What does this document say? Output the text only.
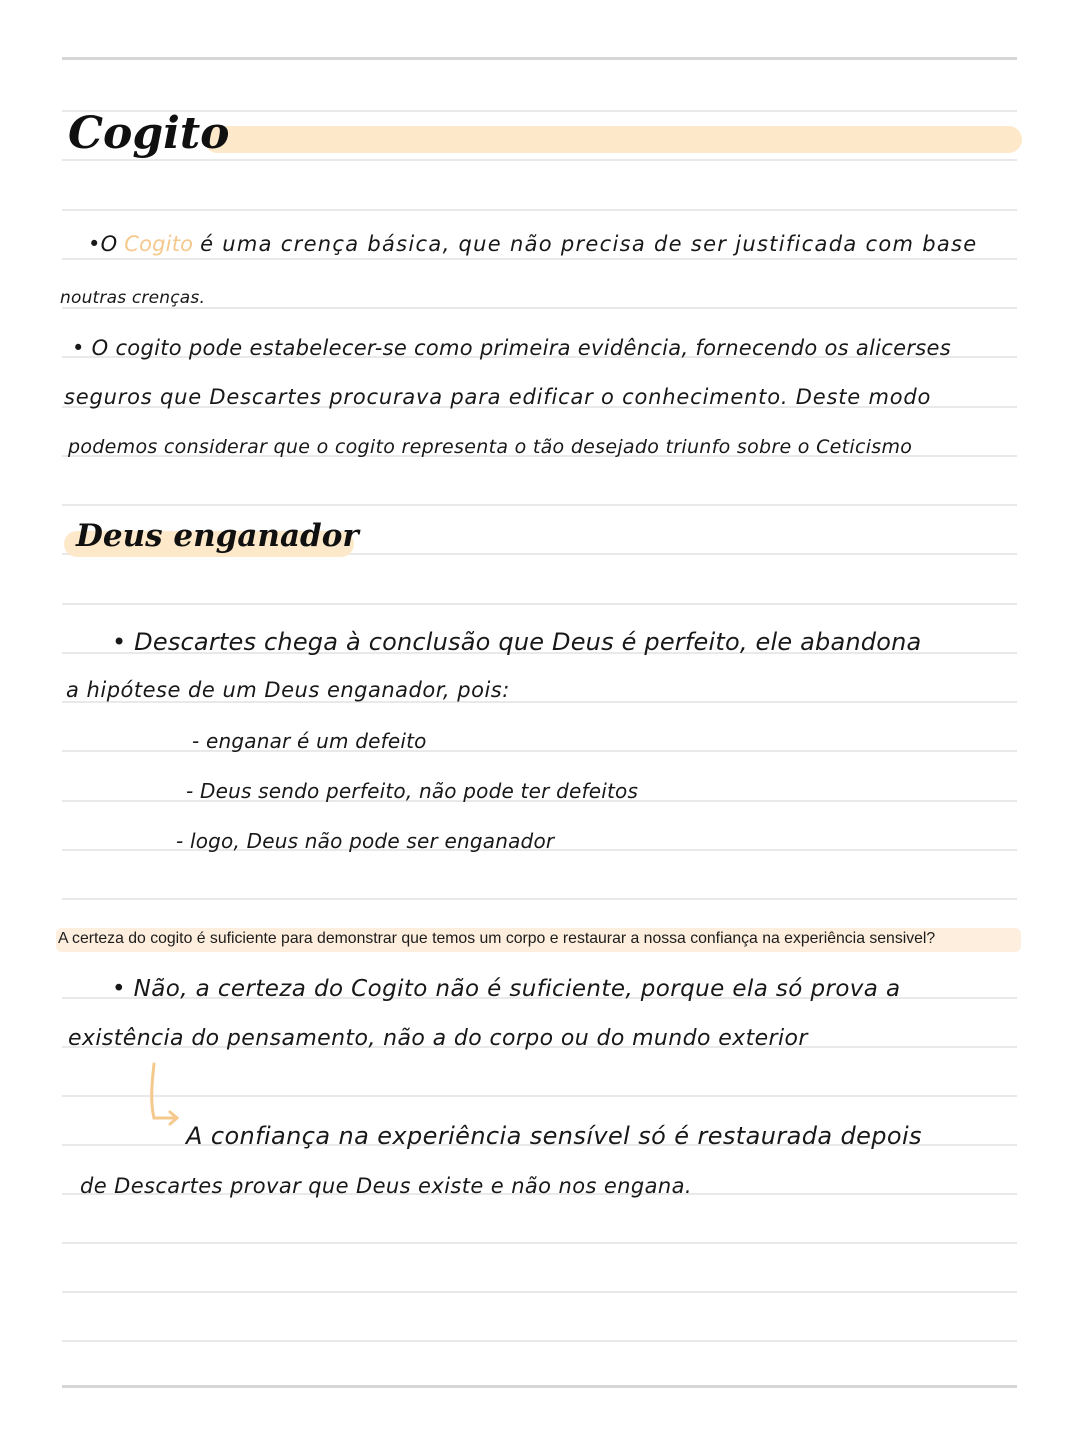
Cogito
•O Cogito é uma crença básica, que não precisa de ser justificada com base
noutras crenças.
• O cogito pode estabelecer-se como primeira evidência, fornecendo os alicerses
seguros que Descartes procurava para edificar o conhecimento. Deste modo
podemos considerar que o cogito representa o tão desejado triunfo sobre o Ceticismo
Deus enganador
• Descartes chega à conclusão que Deus é perfeito, ele abandona
a hipótese de um Deus enganador, pois:
- enganar é um defeito
- Deus sendo perfeito, não pode ter defeitos
- logo, Deus não pode ser enganador
A certeza do cogito é suficiente para demonstrar que temos um corpo e restaurar a nossa confiança na experiência sensivel?
• Não, a certeza do Cogito não é suficiente, porque ela só prova a
existência do pensamento, não a do corpo ou do mundo exterior
A confiança na experiência sensível só é restaurada depois
de Descartes provar que Deus existe e não nos engana.
